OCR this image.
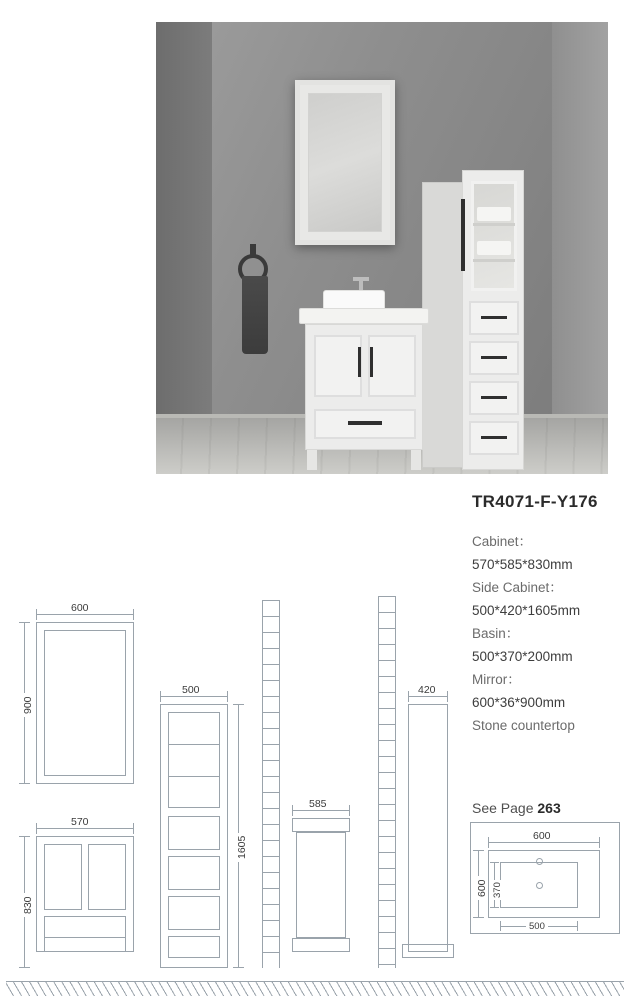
TR4071-F-Y176
Cabinet：
570*585*830mm
Side Cabinet：
500*420*1605mm
Basin：
500*370*200mm
Mirror：
600*36*900mm
Stone countertop
See Page 263
600
900
570
830
500
1605
585
420
600
600 370
500
